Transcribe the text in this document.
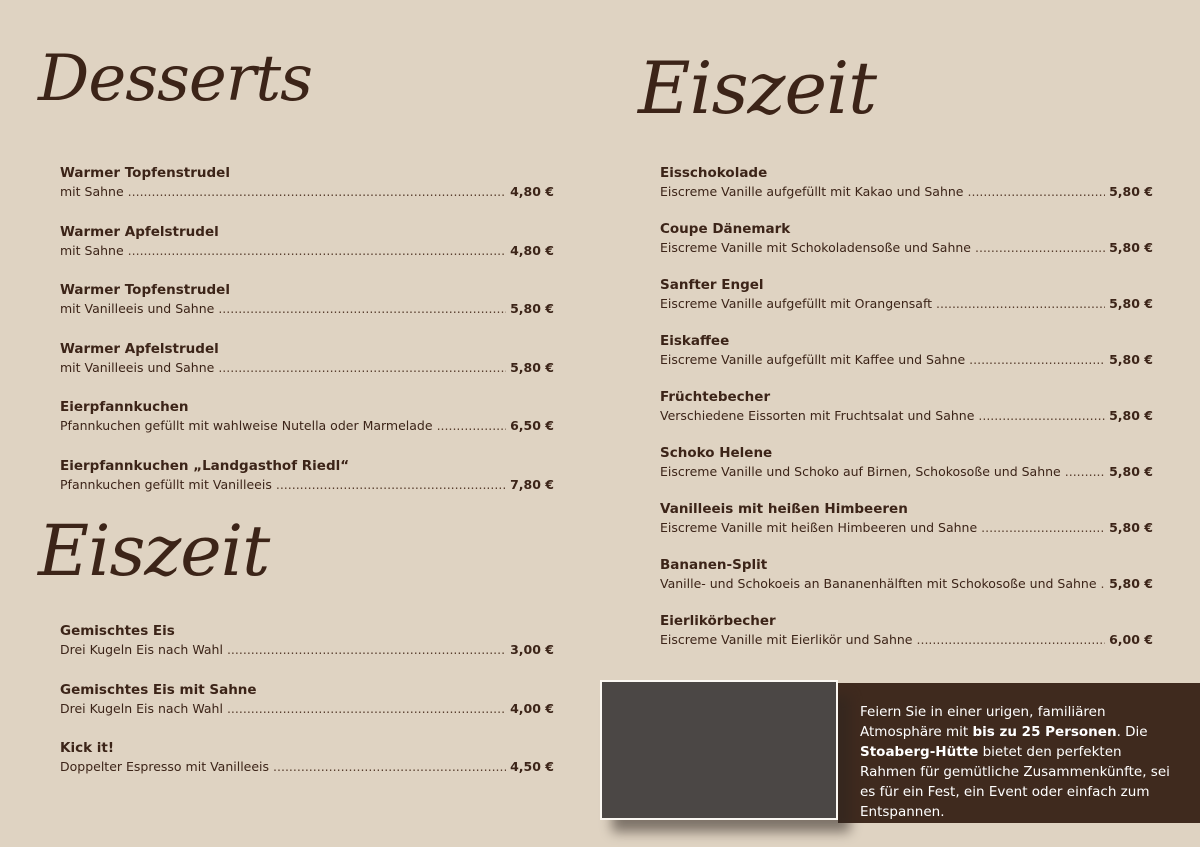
Desserts
Eiszeit
Eiszeit
Warmer Topfenstrudel
mit Sahne .....	4,80 €
Warmer Apfelstrudel
mit Sahne .....	4,80 €
Warmer Topfenstrudel
mit Vanilleeis und Sahne .....	5,80 €
Warmer Apfelstrudel
mit Vanilleeis und Sahne .....	5,80 €
Eierpfannkuchen
Pfannkuchen gefüllt mit wahlweise Nutella oder Marmelade .....	6,50 €
Eierpfannkuchen „Landgasthof Riedl“
Pfannkuchen gefüllt mit Vanilleeis .....	7,80 €
Gemischtes Eis
Drei Kugeln Eis nach Wahl .....	3,00 €
Gemischtes Eis mit Sahne
Drei Kugeln Eis nach Wahl .....	4,00 €
Kick it!
Doppelter Espresso mit Vanilleeis .....	4,50 €
Eisschokolade
Eiscreme Vanille aufgefüllt mit Kakao und Sahne .....	5,80 €
Coupe Dänemark
Eiscreme Vanille mit Schokoladensoße und Sahne .....	5,80 €
Sanfter Engel
Eiscreme Vanille aufgefüllt mit Orangensaft .....	5,80 €
Eiskaffee
Eiscreme Vanille aufgefüllt mit Kaffee und Sahne .....	5,80 €
Früchtebecher
Verschiedene Eissorten mit Fruchtsalat und Sahne .....	5,80 €
Schoko Helene
Eiscreme Vanille und Schoko auf Birnen, Schokosoße und Sahne .....	5,80 €
Vanilleeis mit heißen Himbeeren
Eiscreme Vanille mit heißen Himbeeren und Sahne .....	5,80 €
Bananen-Split
Vanille- und Schokoeis an Bananenhälften mit Schokosoße und Sahne ..... 5,80 €
Eierlikörbecher
Eiscreme Vanille mit Eierlikör und Sahne .....	6,00 €

Feiern Sie in einer urigen, familiären Atmosphäre mit bis zu 25 Personen. Die Stoaberg-Hütte bietet den perfekten Rahmen für gemütliche Zusammenkünfte, sei es für ein Fest, ein Event oder einfach zum Entspannen.
